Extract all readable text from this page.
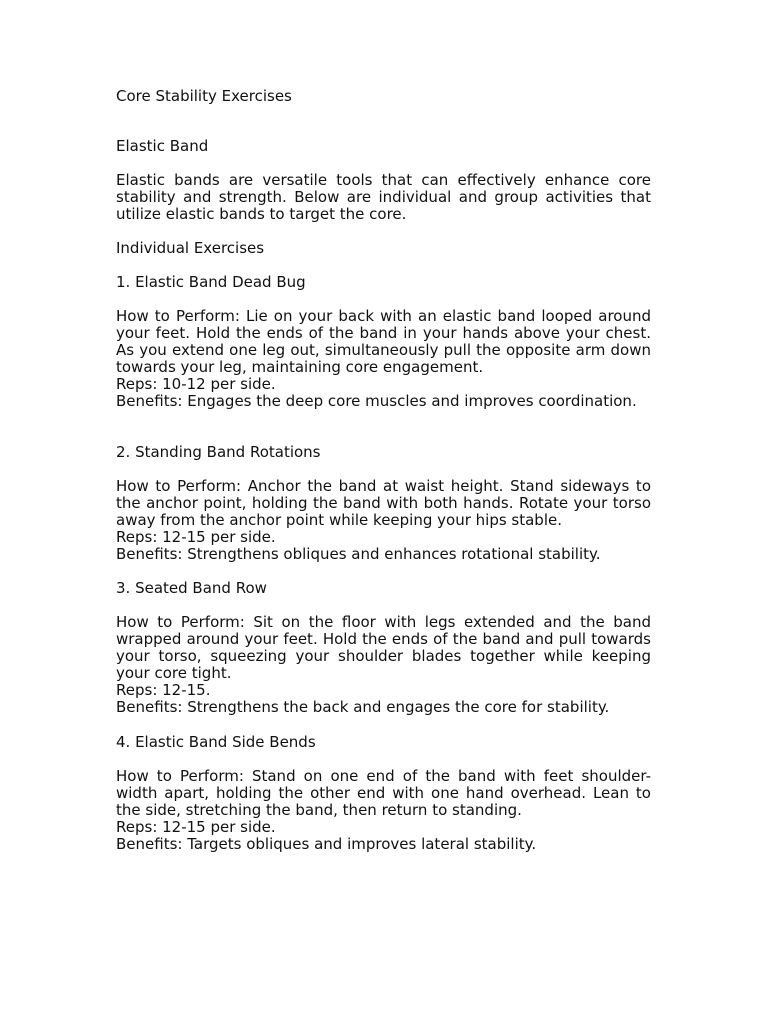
Core Stability Exercises

Elastic Band

Elastic bands are versatile tools that can effectively enhance core stability and strength. Below are individual and group activities that utilize elastic bands to target the core.

Individual Exercises

1. Elastic Band Dead Bug

How to Perform: Lie on your back with an elastic band looped around your feet. Hold the ends of the band in your hands above your chest. As you extend one leg out, simultaneously pull the opposite arm down towards your leg, maintaining core engagement.
Reps: 10-12 per side.
Benefits: Engages the deep core muscles and improves coordination.

2. Standing Band Rotations

How to Perform: Anchor the band at waist height. Stand sideways to the anchor point, holding the band with both hands. Rotate your torso away from the anchor point while keeping your hips stable.
Reps: 12-15 per side.
Benefits: Strengthens obliques and enhances rotational stability.

3. Seated Band Row

How to Perform: Sit on the floor with legs extended and the band wrapped around your feet. Hold the ends of the band and pull towards your torso, squeezing your shoulder blades together while keeping your core tight.
Reps: 12-15.
Benefits: Strengthens the back and engages the core for stability.

4. Elastic Band Side Bends

How to Perform: Stand on one end of the band with feet shoulder-width apart, holding the other end with one hand overhead. Lean to the side, stretching the band, then return to standing.
Reps: 12-15 per side.
Benefits: Targets obliques and improves lateral stability.
